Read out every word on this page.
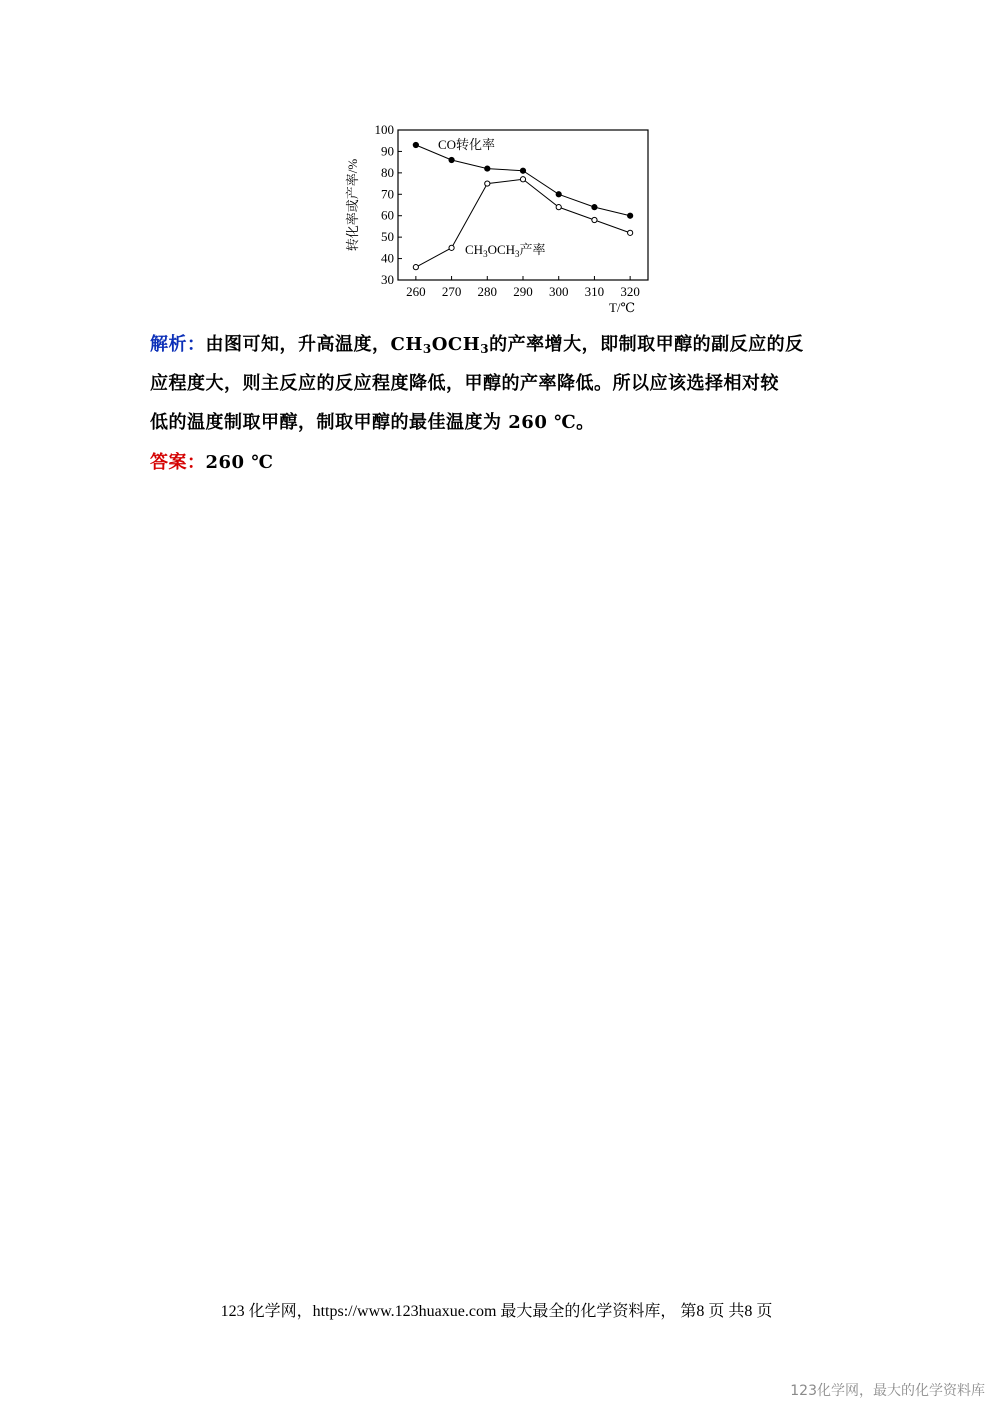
30
40
50
60
70
80
90
100
260 270 280 290 300 310 320
T/℃
转化率或产率/%
CO转化率
$CH_3OCH_3$产率

解析：由图可知，升高温度，$CH_3OCH_3$的产率增大，即制取甲醇的副反应的反
应程度大，则主反应的反应程度降低，甲醇的产率降低。所以应该选择相对较
低的温度制取甲醇，制取甲醇的最佳温度为 260 ℃。

答案：260 ℃

123 化学网，https://www.123huaxue.com 最大最全的化学资料库， 第8 页 共8 页
123化学网，最大的化学资料库
